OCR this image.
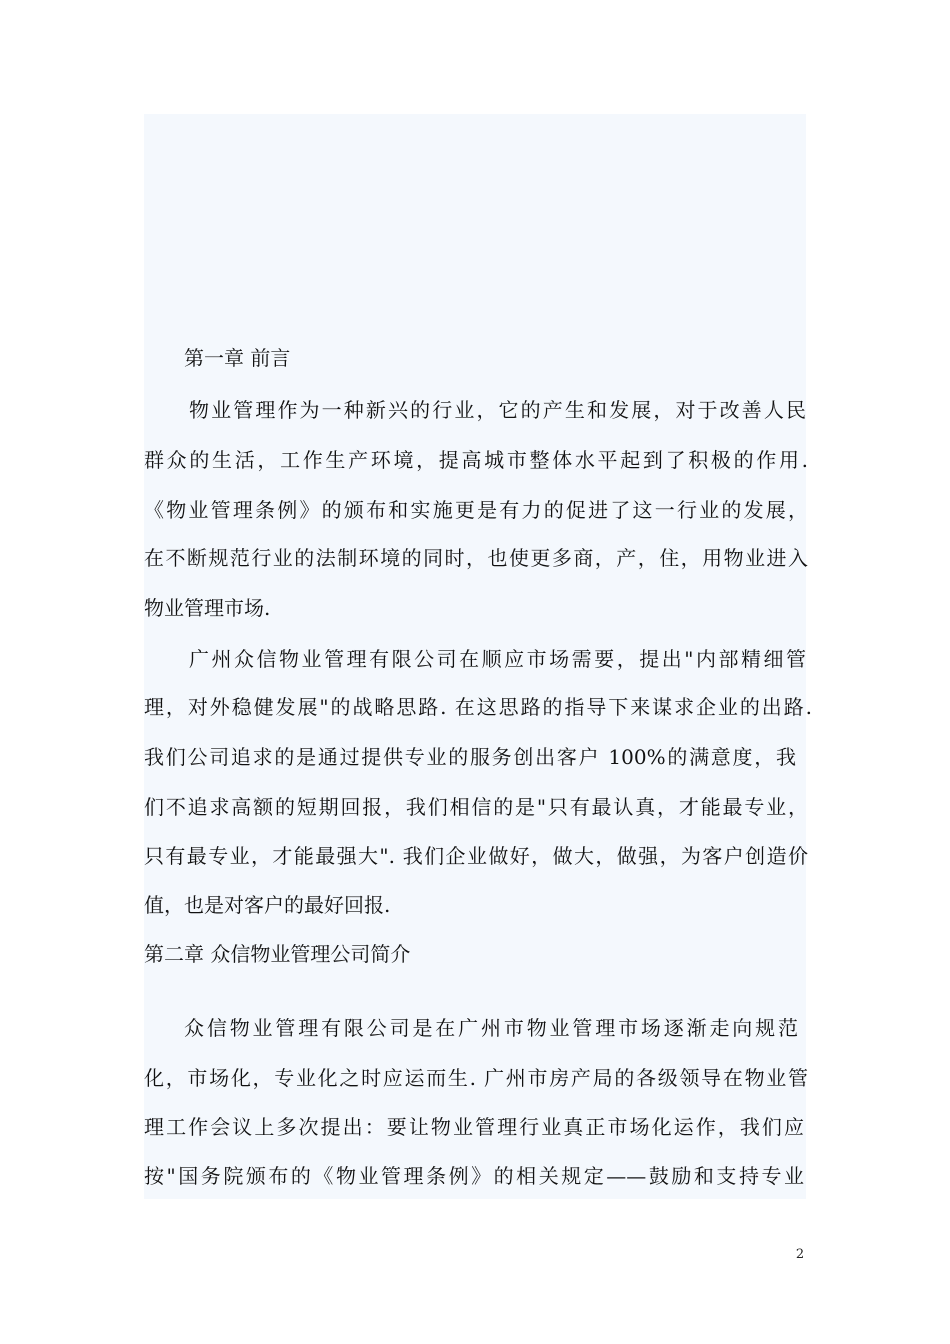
第一章 前言
物业管理作为一种新兴的行业，它的产生和发展，对于改善人民
群众的生活，工作生产环境，提高城市整体水平起到了积极的作用.
《物业管理条例》的颁布和实施更是有力的促进了这一行业的发展，
在不断规范行业的法制环境的同时，也使更多商，产，住，用物业进入
物业管理市场.
广州众信物业管理有限公司在顺应市场需要，提出"内部精细管
理，对外稳健发展"的战略思路. 在这思路的指导下来谋求企业的出路.
我们公司追求的是通过提供专业的服务创出客户 100%的满意度，我
们不追求高额的短期回报，我们相信的是"只有最认真，才能最专业，
只有最专业，才能最强大". 我们企业做好，做大，做强，为客户创造价
值，也是对客户的最好回报.
第二章 众信物业管理公司简介
众信物业管理有限公司是在广州市物业管理市场逐渐走向规范
化，市场化，专业化之时应运而生. 广州市房产局的各级领导在物业管
理工作会议上多次提出：要让物业管理行业真正市场化运作，我们应
按"国务院颁布的《物业管理条例》的相关规定——鼓励和支持专业
2
